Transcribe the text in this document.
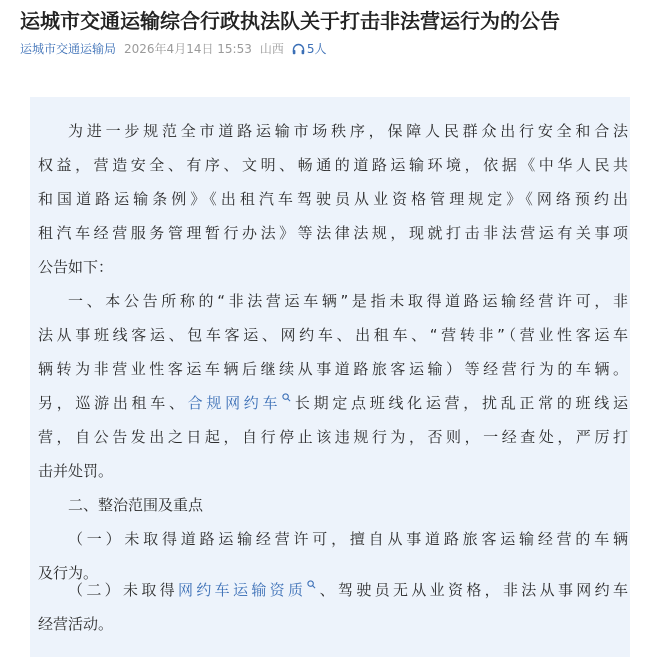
运城市交通运输综合行政执法队关于打击非法营运行为的公告
运城市交通运输局 2026年4月14日 15:53 山西 5人
为进一步规范全市道路运输市场秩序，保障人民群众出行安全和合法
权益，营造安全、有序、文明、畅通的道路运输环境，依据《中华人民共
和国道路运输条例》《出租汽车驾驶员从业资格管理规定》《网络预约出
租汽车经营服务管理暂行办法》等法律法规，现就打击非法营运有关事项
公告如下：
一、本公告所称的“非法营运车辆”是指未取得道路运输经营许可，非
法从事班线客运、包车客运、网约车、出租车、“营转非”（营业性客运车
辆转为非营业性客运车辆后继续从事道路旅客运输）等经营行为的车辆。
另，巡游出租车、合规网约车 长期定点班线化运营，扰乱正常的班线运
营，自公告发出之日起，自行停止该违规行为，否则，一经查处，严厉打
击并处罚。
二、整治范围及重点
（一）未取得道路运输经营许可，擅自从事道路旅客运输经营的车辆
及行为。
（二）未取得网约车运输资质 、驾驶员无从业资格，非法从事网约车
经营活动。
